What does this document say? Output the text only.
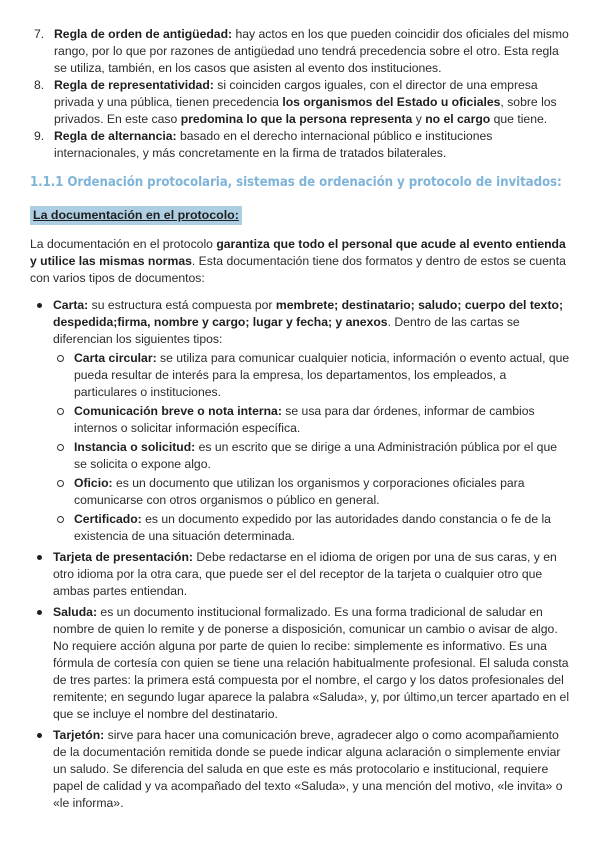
7. Regla de orden de antigüedad: hay actos en los que pueden coincidir dos oficiales del mismo rango, por lo que por razones de antigüedad uno tendrá precedencia sobre el otro. Esta regla se utiliza, también, en los casos que asisten al evento dos instituciones.
8. Regla de representatividad: si coinciden cargos iguales, con el director de una empresa privada y una pública, tienen precedencia los organismos del Estado u oficiales, sobre los privados. En este caso predomina lo que la persona representa y no el cargo que tiene.
9. Regla de alternancia: basado en el derecho internacional público e instituciones internacionales, y más concretamente en la firma de tratados bilaterales.
1.1.1 Ordenación protocolaria, sistemas de ordenación y protocolo de invitados:
La documentación en el protocolo:

La documentación en el protocolo garantiza que todo el personal que acude al evento entienda y utilice las mismas normas. Esta documentación tiene dos formatos y dentro de estos se cuenta con varios tipos de documentos:

Carta: su estructura está compuesta por membrete; destinatario; saludo; cuerpo del texto; despedida;firma, nombre y cargo; lugar y fecha; y anexos. Dentro de las cartas se diferencian los siguientes tipos:
Carta circular: se utiliza para comunicar cualquier noticia, información o evento actual, que pueda resultar de interés para la empresa, los departamentos, los empleados, a particulares o instituciones.
Comunicación breve o nota interna: se usa para dar órdenes, informar de cambios internos o solicitar información específica.
Instancia o solicitud: es un escrito que se dirige a una Administración pública por el que se solicita o expone algo.
Oficio: es un documento que utilizan los organismos y corporaciones oficiales para comunicarse con otros organismos o público en general.
Certificado: es un documento expedido por las autoridades dando constancia o fe de la existencia de una situación determinada.
Tarjeta de presentación: Debe redactarse en el idioma de origen por una de sus caras, y en otro idioma por la otra cara, que puede ser el del receptor de la tarjeta o cualquier otro que ambas partes entiendan.
Saluda: es un documento institucional formalizado. Es una forma tradicional de saludar en nombre de quien lo remite y de ponerse a disposición, comunicar un cambio o avisar de algo. No requiere acción alguna por parte de quien lo recibe: simplemente es informativo. Es una fórmula de cortesía con quien se tiene una relación habitualmente profesional. El saluda consta de tres partes: la primera está compuesta por el nombre, el cargo y los datos profesionales del remitente; en segundo lugar aparece la palabra «Saluda», y, por último,un tercer apartado en el que se incluye el nombre del destinatario.
Tarjetón: sirve para hacer una comunicación breve, agradecer algo o como acompañamiento de la documentación remitida donde se puede indicar alguna aclaración o simplemente enviar un saludo. Se diferencia del saluda en que este es más protocolario e institucional, requiere papel de calidad y va acompañado del texto «Saluda», y una mención del motivo, «le invita» o «le informa».
